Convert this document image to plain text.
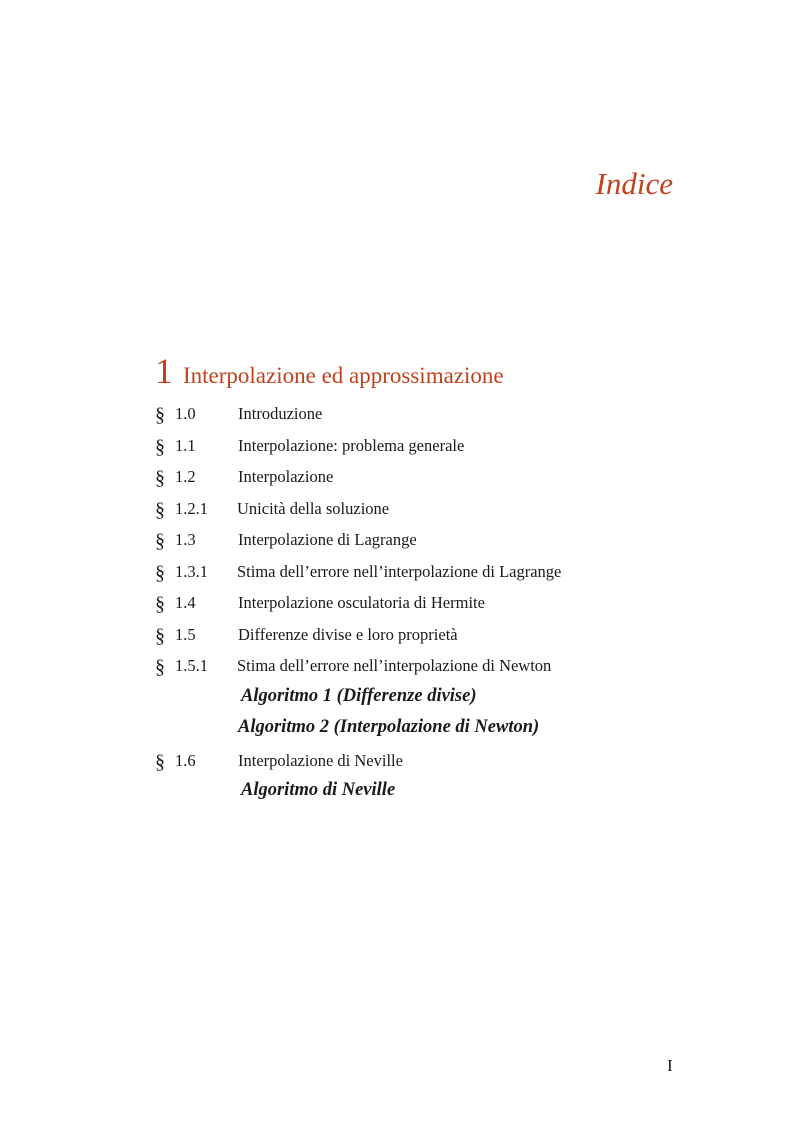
Indice
1 Interpolazione ed approssimazione
§ 1.0	Introduzione
§ 1.1	Interpolazione: problema generale
§ 1.2	Interpolazione
§ 1.2.1 Unicità della soluzione
§ 1.3	Interpolazione di Lagrange
§ 1.3.1 Stima dell’errore nell’interpolazione di Lagrange
§ 1.4	Interpolazione osculatoria di Hermite
§ 1.5	Differenze divise e loro proprietà
§ 1.5.1 Stima dell’errore nell’interpolazione di Newton
Algoritmo 1 (Differenze divise)
Algoritmo 2 (Interpolazione di Newton)
§ 1.6	Interpolazione di Neville
Algoritmo di Neville
I
